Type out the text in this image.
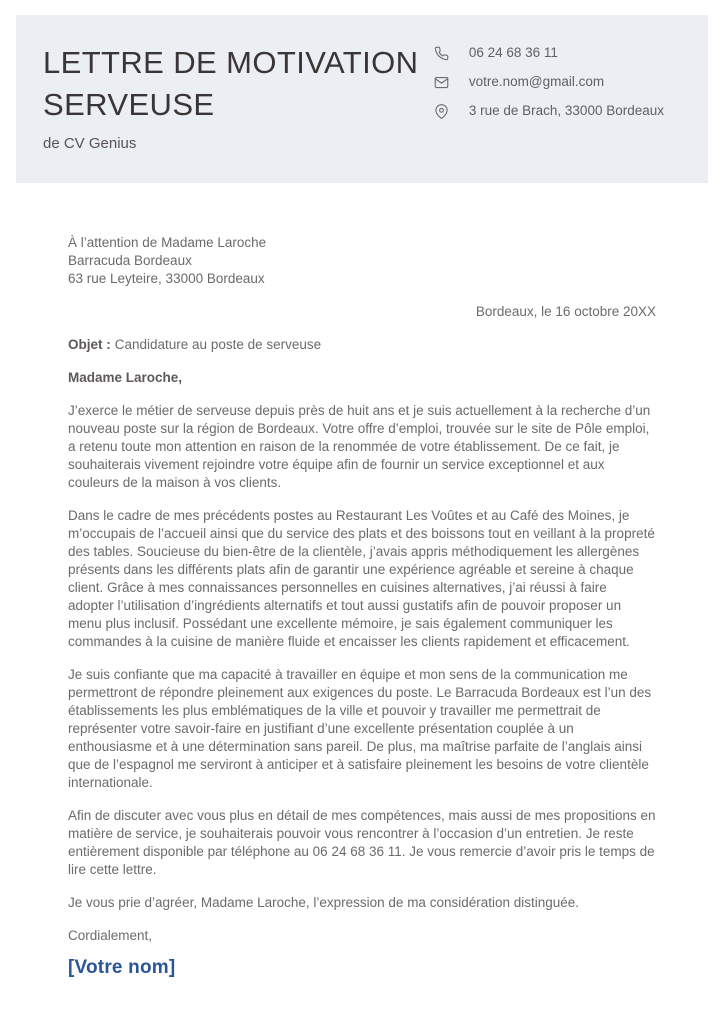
LETTRE DE MOTIVATION
SERVEUSE
de CV Genius
06 24 68 36 11
votre.nom@gmail.com
3 rue de Brach, 33000 Bordeaux
À l’attention de Madame Laroche
Barracuda Bordeaux
63 rue Leyteire, 33000 Bordeaux
Bordeaux, le 16 octobre 20XX
Objet : Candidature au poste de serveuse
Madame Laroche,

J’exerce le métier de serveuse depuis près de huit ans et je suis actuellement à la recherche d’un nouveau poste sur la région de Bordeaux. Votre offre d’emploi, trouvée sur le site de Pôle emploi, a retenu toute mon attention en raison de la renommée de votre établissement. De ce fait, je souhaiterais vivement rejoindre votre équipe afin de fournir un service exceptionnel et aux couleurs de la maison à vos clients.

Dans le cadre de mes précédents postes au Restaurant Les Voûtes et au Café des Moines, je m’occupais de l’accueil ainsi que du service des plats et des boissons tout en veillant à la propreté des tables. Soucieuse du bien-être de la clientèle, j’avais appris méthodiquement les allergènes présents dans les différents plats afin de garantir une expérience agréable et sereine à chaque client. Grâce à mes connaissances personnelles en cuisines alternatives, j’ai réussi à faire adopter l’utilisation d’ingrédients alternatifs et tout aussi gustatifs afin de pouvoir proposer un menu plus inclusif. Possédant une excellente mémoire, je sais également communiquer les commandes à la cuisine de manière fluide et encaisser les clients rapidement et efficacement.

Je suis confiante que ma capacité à travailler en équipe et mon sens de la communication me permettront de répondre pleinement aux exigences du poste. Le Barracuda Bordeaux est l’un des établissements les plus emblématiques de la ville et pouvoir y travailler me permettrait de représenter votre savoir-faire en justifiant d’une excellente présentation couplée à un enthousiasme et à une détermination sans pareil. De plus, ma maîtrise parfaite de l’anglais ainsi que de l’espagnol me serviront à anticiper et à satisfaire pleinement les besoins de votre clientèle internationale.

Afin de discuter avec vous plus en détail de mes compétences, mais aussi de mes propositions en matière de service, je souhaiterais pouvoir vous rencontrer à l’occasion d’un entretien. Je reste entièrement disponible par téléphone au 06 24 68 36 11. Je vous remercie d’avoir pris le temps de lire cette lettre.

Je vous prie d’agréer, Madame Laroche, l’expression de ma considération distinguée.

Cordialement,
[Votre nom]
